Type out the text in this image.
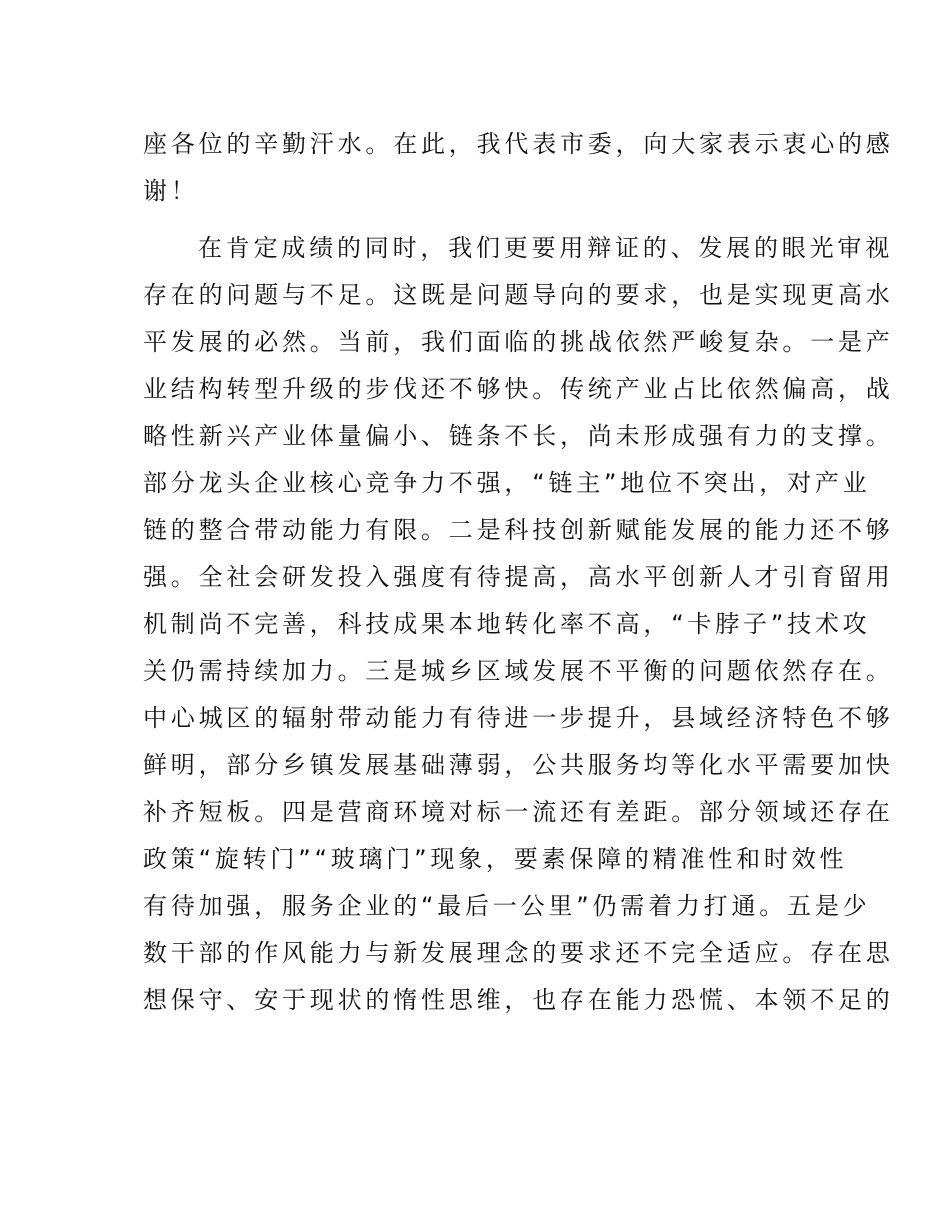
座各位的辛勤汗水。在此，我代表市委，向大家表示衷心的感
谢！
在肯定成绩的同时，我们更要用辩证的、发展的眼光审视
存在的问题与不足。这既是问题导向的要求，也是实现更高水
平发展的必然。当前，我们面临的挑战依然严峻复杂。一是产
业结构转型升级的步伐还不够快。传统产业占比依然偏高，战
略性新兴产业体量偏小、链条不长，尚未形成强有力的支撑。
部分龙头企业核心竞争力不强，“链主”地位不突出，对产业
链的整合带动能力有限。二是科技创新赋能发展的能力还不够
强。全社会研发投入强度有待提高，高水平创新人才引育留用
机制尚不完善，科技成果本地转化率不高，“卡脖子”技术攻
关仍需持续加力。三是城乡区域发展不平衡的问题依然存在。
中心城区的辐射带动能力有待进一步提升，县域经济特色不够
鲜明，部分乡镇发展基础薄弱，公共服务均等化水平需要加快
补齐短板。四是营商环境对标一流还有差距。部分领域还存在
政策“旋转门”“玻璃门”现象，要素保障的精准性和时效性
有待加强，服务企业的“最后一公里”仍需着力打通。五是少
数干部的作风能力与新发展理念的要求还不完全适应。存在思
想保守、安于现状的惰性思维，也存在能力恐慌、本领不足的
